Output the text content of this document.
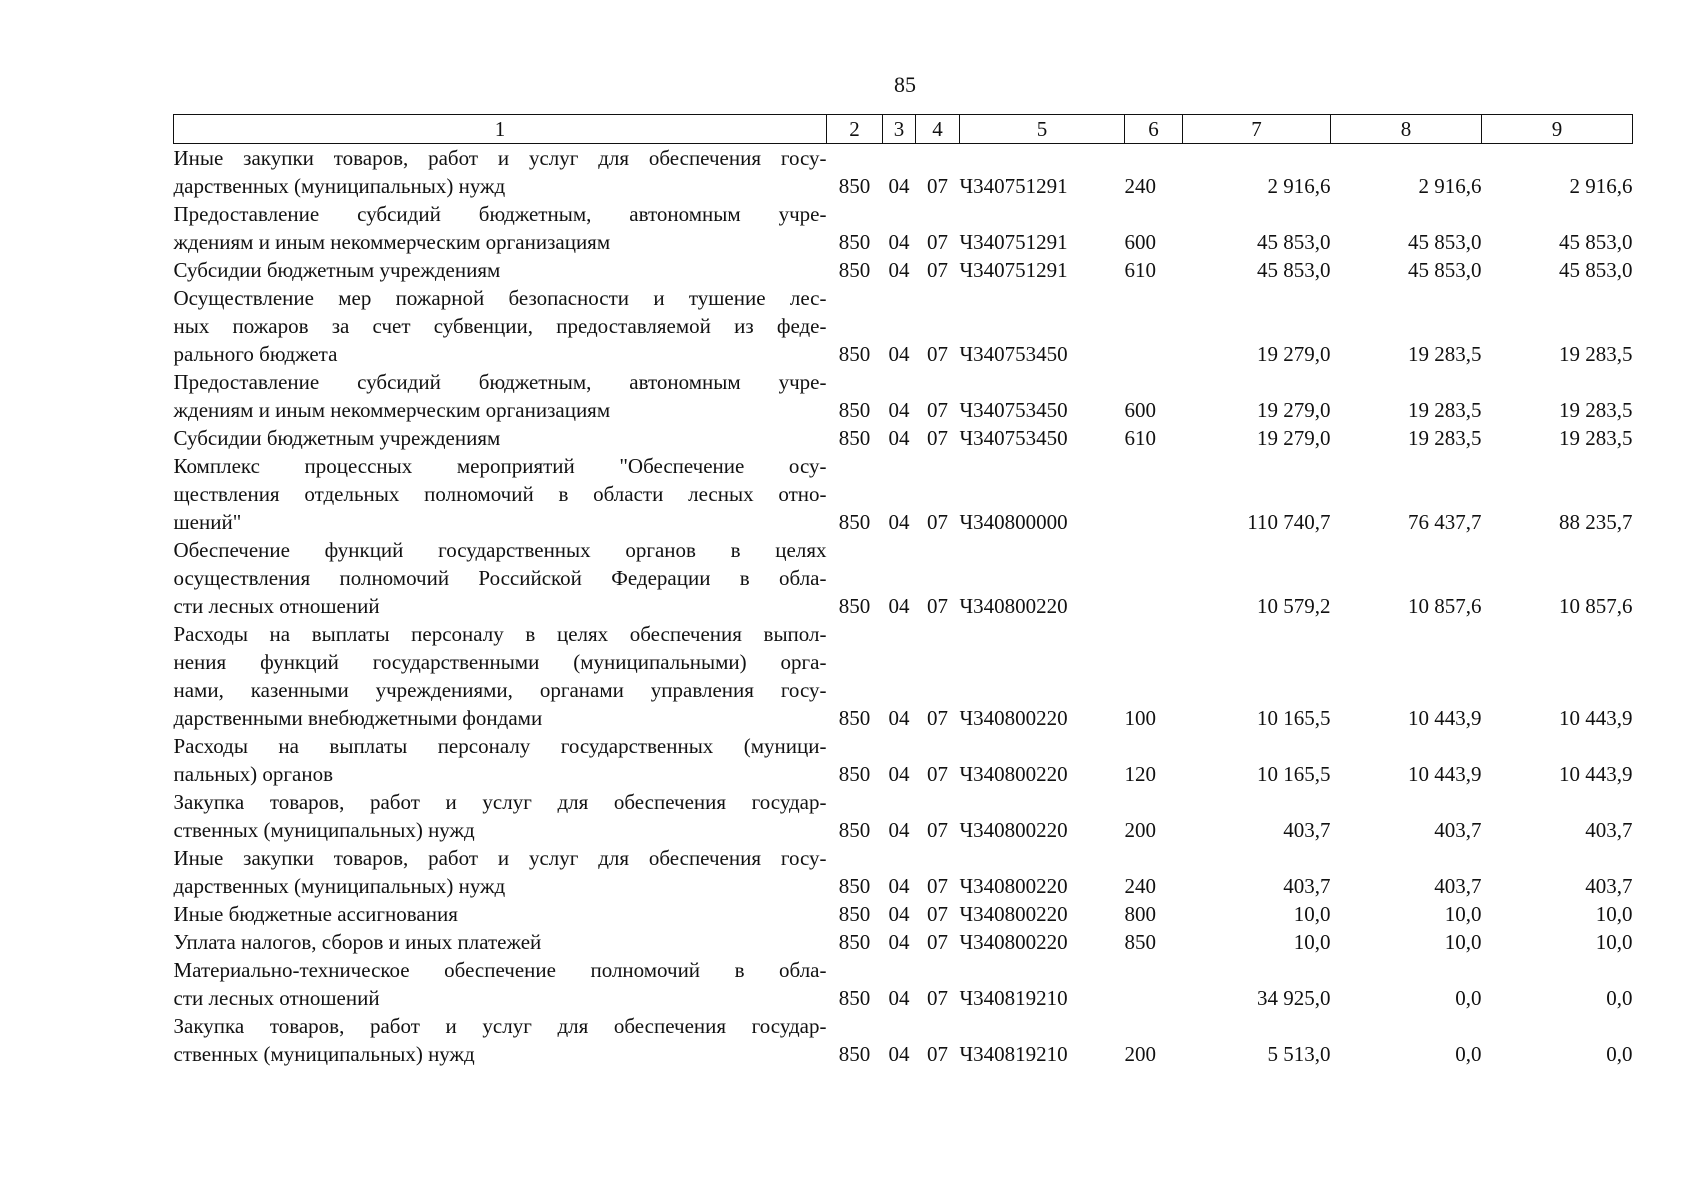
85
1	2	3	4	5	6	7	8	9

Иные закупки товаров, работ и услуг для обеспечения госу-
дарственных (муниципальных) нужд	850	04	07	Ч340751291	240	2 916,6	2 916,6	2 916,6

Предоставление субсидий бюджетным, автономным учре-
ждениям и иным некоммерческим организациям	850	04	07	Ч340751291	600	45 853,0	45 853,0	45 853,0

Субсидии бюджетным учреждениям	850	04	07	Ч340751291	610	45 853,0	45 853,0	45 853,0

Осуществление мер пожарной безопасности и тушение лес-
ных пожаров за счет субвенции, предоставляемой из феде-
рального бюджета	850	04	07	Ч340753450		19 279,0	19 283,5	19 283,5

Предоставление субсидий бюджетным, автономным учре-
ждениям и иным некоммерческим организациям	850	04	07	Ч340753450	600	19 279,0	19 283,5	19 283,5

Субсидии бюджетным учреждениям	850	04	07	Ч340753450	610	19 279,0	19 283,5	19 283,5

Комплекс процессных мероприятий "Обеспечение осу-
ществления отдельных полномочий в области лесных отно-
шений"	850	04	07	Ч340800000		110 740,7	76 437,7	88 235,7

Обеспечение функций государственных органов в целях
осуществления полномочий Российской Федерации в обла-
сти лесных отношений	850	04	07	Ч340800220		10 579,2	10 857,6	10 857,6

Расходы на выплаты персоналу в целях обеспечения выпол-
нения функций государственными (муниципальными) орга-
нами, казенными учреждениями, органами управления госу-
дарственными внебюджетными фондами	850	04	07	Ч340800220	100	10 165,5	10 443,9	10 443,9

Расходы на выплаты персоналу государственных (муници-
пальных) органов	850	04	07	Ч340800220	120	10 165,5	10 443,9	10 443,9

Закупка товаров, работ и услуг для обеспечения государ-
ственных (муниципальных) нужд	850	04	07	Ч340800220	200	403,7	403,7	403,7

Иные закупки товаров, работ и услуг для обеспечения госу-
дарственных (муниципальных) нужд	850	04	07	Ч340800220	240	403,7	403,7	403,7

Иные бюджетные ассигнования	850	04	07	Ч340800220	800	10,0	10,0	10,0

Уплата налогов, сборов и иных платежей	850	04	07	Ч340800220	850	10,0	10,0	10,0

Материально-техническое обеспечение полномочий в обла-
сти лесных отношений	850	04	07	Ч340819210		34 925,0	0,0	0,0

Закупка товаров, работ и услуг для обеспечения государ-
ственных (муниципальных) нужд	850	04	07	Ч340819210	200	5 513,0	0,0	0,0
